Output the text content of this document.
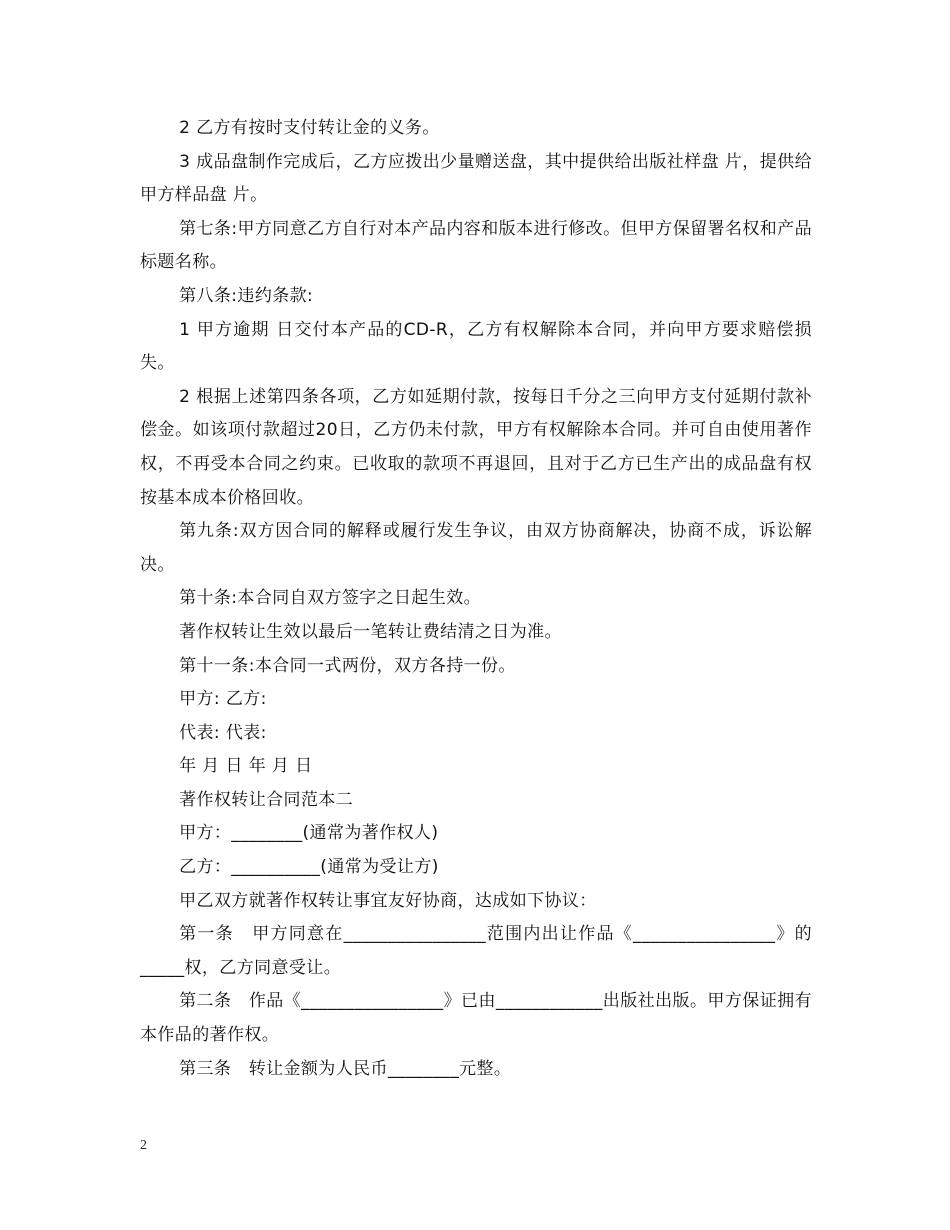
2 乙方有按时支付转让金的义务。

3 成品盘制作完成后，乙方应拨出少量赠送盘，其中提供给出版社样盘 片，提供给甲方样品盘 片。

第七条:甲方同意乙方自行对本产品内容和版本进行修改。但甲方保留署名权和产品标题名称。

第八条:违约条款:

1 甲方逾期 日交付本产品的CD-R，乙方有权解除本合同，并向甲方要求赔偿损失。

2 根据上述第四条各项，乙方如延期付款，按每日千分之三向甲方支付延期付款补偿金。如该项付款超过20日，乙方仍未付款，甲方有权解除本合同。并可自由使用著作权，不再受本合同之约束。已收取的款项不再退回，且对于乙方已生产出的成品盘有权按基本成本价格回收。

第九条:双方因合同的解释或履行发生争议，由双方协商解决，协商不成，诉讼解决。

第十条:本合同自双方签字之日起生效。

著作权转让生效以最后一笔转让费结清之日为准。

第十一条:本合同一式两份，双方各持一份。

甲方: 乙方:

代表: 代表:

年 月 日 年 月 日

著作权转让合同范本二

甲方：________(通常为著作权人)

乙方：__________(通常为受让方)

甲乙双方就著作权转让事宜友好协商，达成如下协议：

第一条　甲方同意在________________范围内出让作品《________________》的_____权，乙方同意受让。

第二条　作品《________________》已由____________出版社出版。甲方保证拥有本作品的著作权。

第三条　转让金额为人民币________元整。

2
